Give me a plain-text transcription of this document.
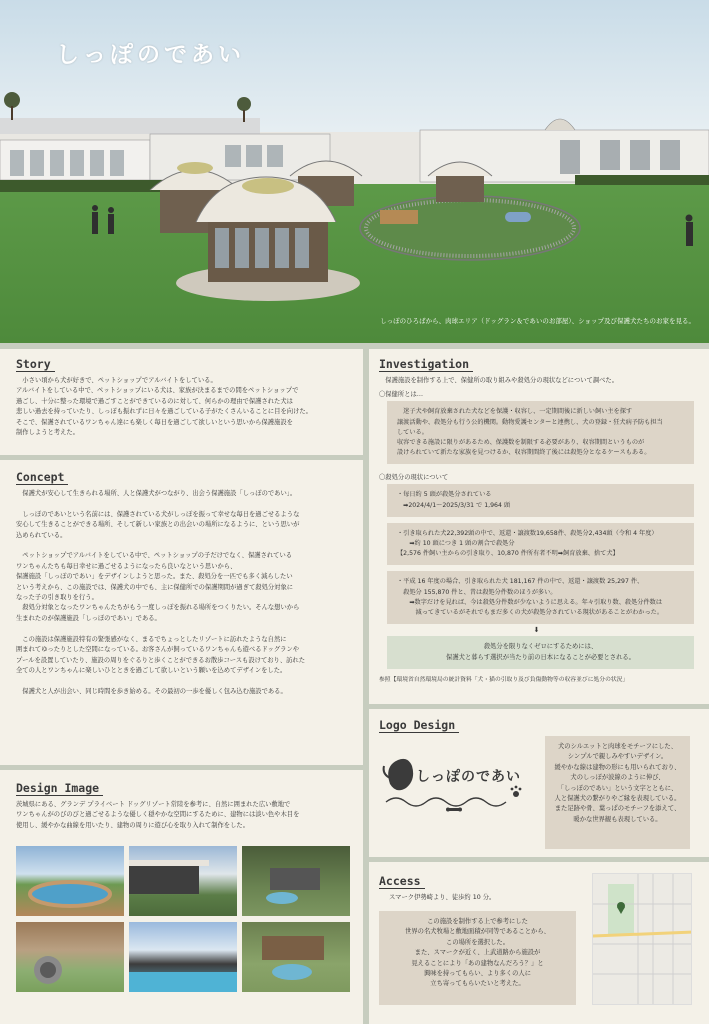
しっぽのであい
しっぽのひろばから、肉球エリア（ドッグラン＆であいのお部屋）、ショップ及び保護犬たちのお家を見る。
Story
　小さい頃から犬が好きで、ペットショップでアルバイトをしている。
アルバイトをしている中で、ペットショップにいる犬は、家族が決まるまでの間をペットショップで
過ごし、十分に整った環境で過ごすことができているのに対して、何らかの理由で保護された犬は
悲しい過去を持っていたり、しっぽも振れずに日々を過ごしている子がたくさんいることに目を向けた。
そこで、保護されているワンちゃん達にも楽しく毎日を過ごして欲しいという思いから保護施設を
制作しようと考えた。
Concept
　保護犬が安心して生きられる場所、人と保護犬がつながり、出会う保護施設「しっぽのであい」。

　しっぽのであいという名前には、保護されている犬がしっぽを振って幸せな毎日を過ごせるような
安心して生きることができる場所、そして新しい家族との出会いの場所になるように、という思いが
込められている。

　ペットショップでアルバイトをしている中で、ペットショップの子だけでなく、保護されている
ワンちゃんたちも毎日幸せに過ごせるようになったら良いなという思いから、
保護施設「しっぽのであい」をデザインしようと思った。また、殺処分を一匹でも多く減らしたい
という考えから、この施設では、保護犬の中でも、主に保健所での保護期間が過ぎて殺処分対象に
なった子の引き取りを行う。
　殺処分対象となったワンちゃんたちがもう一度しっぽを振れる場所をつくりたい。そんな想いから
生まれたのが保護施設「しっぽのであい」である。

　この施設は保護施設特有の緊張感がなく、まるでちょっとしたリゾートに訪れたような自然に
囲まれてゆったりとした空間になっている。お客さんが飼っているワンちゃんも遊べるドッグランや
プールを設置していたり、施設の周りをぐるりと歩くことができるお散歩コースも設けており、訪れた
全ての人とワンちゃんに楽しいひとときを過ごして欲しいという願いを込めてデザインをした。

　保護犬と人が出会い、同じ時間を歩き始める。その最初の一歩を優しく包み込む施設である。
Design Image
茨城県にある、グランデ プライベート ドッグリゾート常陸を参考に、自然に囲まれた広い敷地で
ワンちゃんがのびのびと過ごせるような優しく穏やかな空間にするために、建物には淡い色や木目を
使用し、緩やかな曲線を用いたり、建物の周りに遊び心を取り入れて制作をした。
Investigation
　保護施設を制作する上で、保健所の取り組みや殺処分の現状などについて調べた。
〇保健所とは…
　迷子犬や飼育放棄された犬などを保護・収容し、一定期間後に新しい飼い主を探す
譲渡活動や、殺処分も行う公的機関。動物愛護センターと連携し、犬の登録・狂犬病予防も担当
している。
収容できる施設に限りがあるため、保護数を制限する必要があり、収容期間というものが
設けられていて新たな家族を見つけるか、収容期間終了後には殺処分となるケースもある。
〇殺処分の現状について
・毎日約 5 頭が殺処分されている
　➡2024/4/1〜2025/3/31 で 1,964 頭
・引き取られた犬22,392頭の中で、返還・譲渡数19,658件、殺処分2,434頭（令和 4 年度）
　　➡約 10 頭につき 1 頭の割合で殺処分
【2,576 件飼い主からの引き取り、10,870 件所有者不明➡飼育放棄、捨て犬】
・平成 16 年度の場合、引き取られた犬 181,167 件の中で、返還・譲渡数 25,297 件、
　殺処分 155,870 件と、昔は殺処分件数のほうが多い。
　　➡数字だけを見れば、今は殺処分件数が少ないように思える。年々引取り数、殺処分件数は
　　　減ってきているがそれでもまだ多くの犬が殺処分されている現状があることがわかった。
⬇
殺処分を限りなくゼロにするためには、
保護犬と暮らす選択が当たり前の日本になることが必要とされる。
参照【環境省自然環境局の統計資料「犬・猫の引取り及び負傷動物等の収容並びに処分の状況」
Logo Design
しっぽのであい
犬のシルエットと肉球をモチーフにした、
シンプルで親しみやすいデザイン。
緩やかな線は建物の形にも用いられており、
犬のしっぽが波線のように伸び、
「しっぽのであい」という文字とともに、
人と保護犬の繋がりやご縁を表現している。
また足跡や骨、葉っぱのモチーフを添えて、
暖かな世界観も表現している。
Access
スマーク伊勢崎より、徒歩約 10 分。
この施設を制作する上で参考にした
世界の名犬牧場と敷地面積が同等であることから、
この場所を選択した。
また、スマークが近く、上武道路から施設が
見えることにより「あの建物なんだろう？」と
興味を持ってもらい、より多くの人に
立ち寄ってもらいたいと考えた。
